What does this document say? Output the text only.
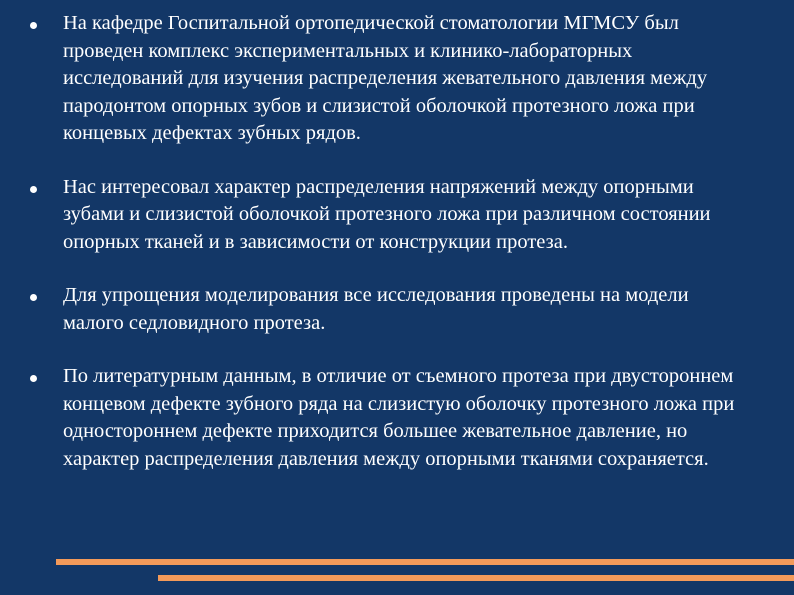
На кафедре Госпитальной ортопедической стоматологии МГМСУ был проведен комплекс экспериментальных и клинико-лабораторных исследований для изучения распределения жевательного давления между пародонтом опорных зубов и слизистой оболочкой протезного ложа при концевых дефектах зубных рядов.
Нас интересовал характер распределения напряжений между опорными зубами и слизистой оболочкой протезного ложа при различном состоянии опорных тканей и в зависимости от конструкции протеза.
Для упрощения моделирования все исследования проведены на модели малого седловидного протеза.
По литературным данным, в отличие от съемного протеза при двустороннем концевом дефекте зубного ряда на слизистую оболочку протезного ложа при одностороннем дефекте приходится большее жевательное давление, но характер распределения давления между опорными тканями сохраняется.
